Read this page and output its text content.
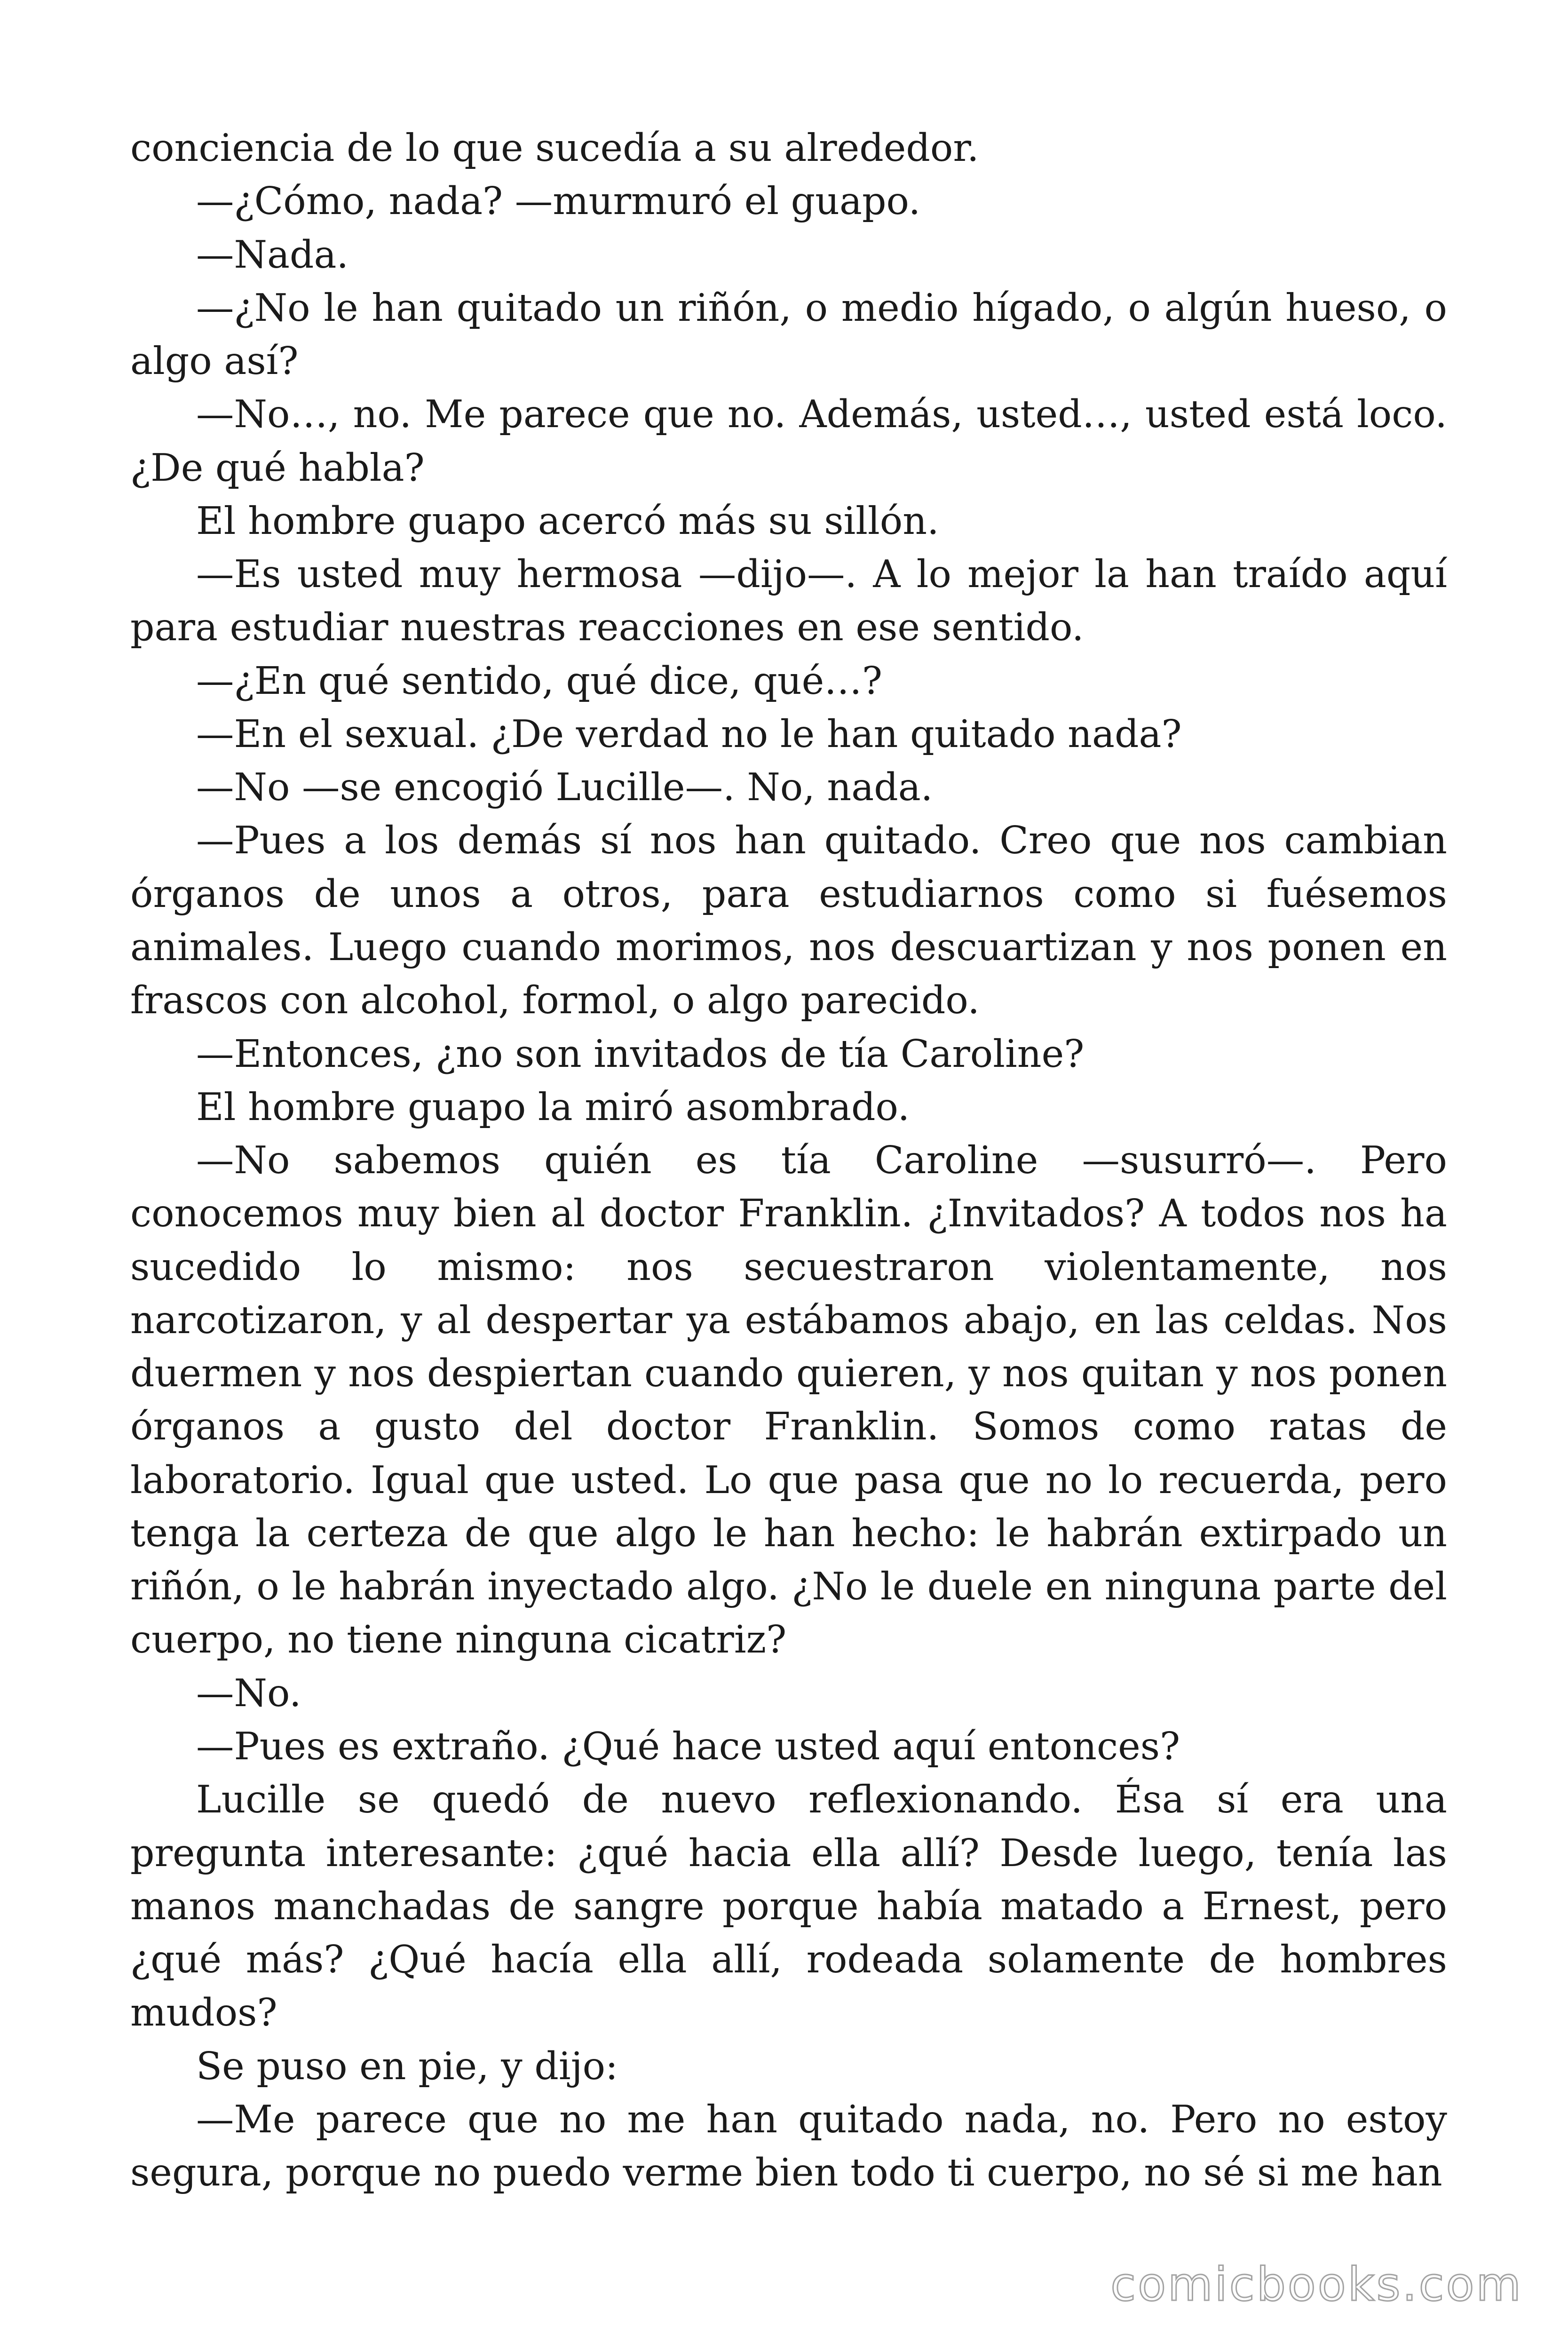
conciencia de lo que sucedía a su alrededor.

—¿Cómo, nada? —murmuró el guapo.

—Nada.

—¿No le han quitado un riñón, o medio hígado, o algún hueso, o algo así?

—No…, no. Me parece que no. Además, usted…, usted está loco. ¿De qué habla?

El hombre guapo acercó más su sillón.

—Es usted muy hermosa —dijo—. A lo mejor la han traído aquí para estudiar nuestras reacciones en ese sentido.

—¿En qué sentido, qué dice, qué…?

—En el sexual. ¿De verdad no le han quitado nada?

—No —se encogió Lucille—. No, nada.

—Pues a los demás sí nos han quitado. Creo que nos cambian órganos de unos a otros, para estudiarnos como si fuésemos animales. Luego cuando morimos, nos descuartizan y nos ponen en frascos con alcohol, formol, o algo parecido.

—Entonces, ¿no son invitados de tía Caroline?

El hombre guapo la miró asombrado.

—No sabemos quién es tía Caroline —susurró—. Pero conocemos muy bien al doctor Franklin. ¿Invitados? A todos nos ha sucedido lo mismo: nos secuestraron violentamente, nos narcotizaron, y al despertar ya estábamos abajo, en las celdas. Nos duermen y nos despiertan cuando quieren, y nos quitan y nos ponen órganos a gusto del doctor Franklin. Somos como ratas de laboratorio. Igual que usted. Lo que pasa que no lo recuerda, pero tenga la certeza de que algo le han hecho: le habrán extirpado un riñón, o le habrán inyectado algo. ¿No le duele en ninguna parte del cuerpo, no tiene ninguna cicatriz?

—No.

—Pues es extraño. ¿Qué hace usted aquí entonces?

Lucille se quedó de nuevo reflexionando. Ésa sí era una pregunta interesante: ¿qué hacia ella allí? Desde luego, tenía las manos manchadas de sangre porque había matado a Ernest, pero ¿qué más? ¿Qué hacía ella allí, rodeada solamente de hombres mudos?

Se puso en pie, y dijo:

—Me parece que no me han quitado nada, no. Pero no estoy segura, porque no puedo verme bien todo ti cuerpo, no sé si me han

comicbooks.com
